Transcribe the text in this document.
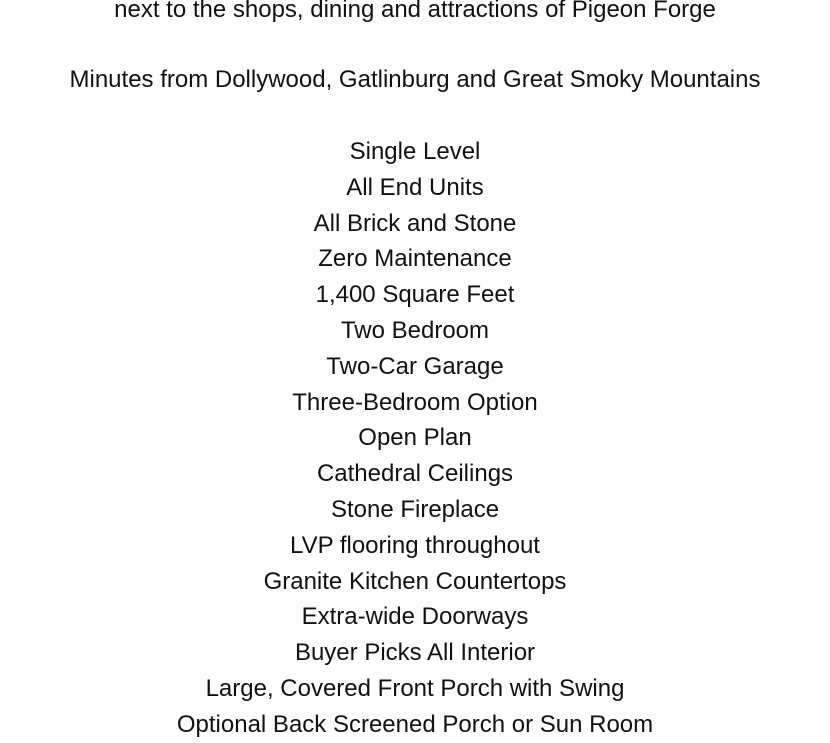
next to the shops, dining and attractions of Pigeon Forge
Minutes from Dollywood, Gatlinburg and Great Smoky Mountains
Single Level
All End Units
All Brick and Stone
Zero Maintenance
1,400 Square Feet
Two Bedroom
Two-Car Garage
Three-Bedroom Option
Open Plan
Cathedral Ceilings
Stone Fireplace
LVP flooring throughout
Granite Kitchen Countertops
Extra-wide Doorways
Buyer Picks All Interior
Large, Covered Front Porch with Swing
Optional Back Screened Porch or Sun Room
